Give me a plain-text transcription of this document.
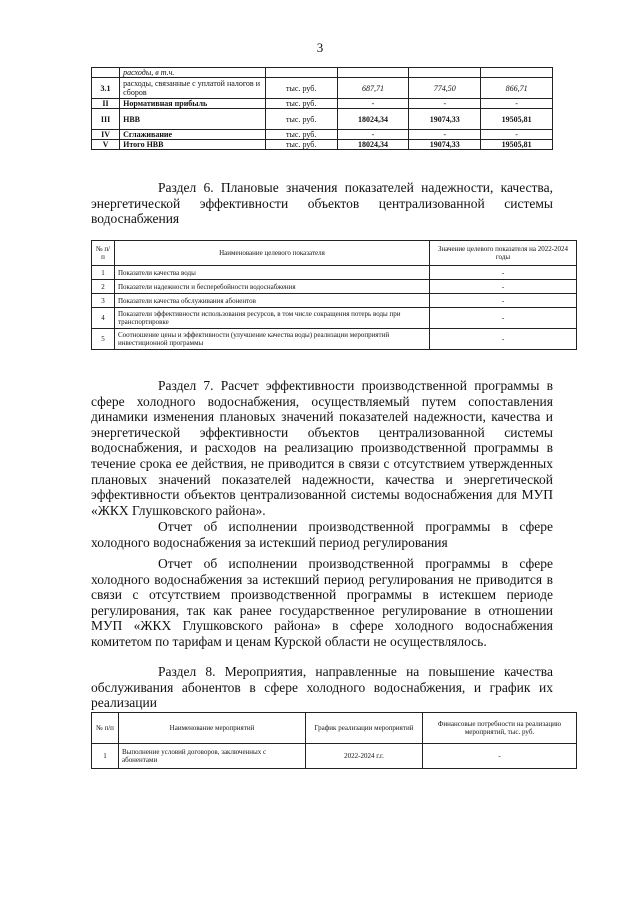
3
	расходы, в т.ч.				
3.1	расходы, связанные с уплатой налогов и сборов	тыс. руб.	687,71	774,50	866,71
II	Нормативная прибыль	тыс. руб.	-	-	-
III	НВВ	тыс. руб.	18024,34	19074,33	19505,81
IV	Сглаживание	тыс. руб.	-	-	-
V	Итого НВВ	тыс. руб.	18024,34	19074,33	19505,81
Раздел 6. Плановые значения показателей надежности, качества, энергетической эффективности объектов централизованной системы водоснабжения
№ п/п	Наименование целевого показателя	Значение целевого показателя на 2022-2024 годы
1	Показатели качества воды	-
2	Показатели надежности и бесперебойности водоснабжения	-
3	Показатели качества обслуживания абонентов	-
4	Показатели эффективности использования ресурсов, в том числе сокращения потерь воды при транспортировке	-
5	Соотношение цены и эффективности (улучшение качества воды) реализации мероприятий инвестиционной программы	-
Раздел 7. Расчет эффективности производственной программы в сфере холодного водоснабжения, осуществляемый путем сопоставления динамики изменения плановых значений показателей надежности, качества и энергетической эффективности объектов централизованной системы водоснабжения, и расходов на реализацию производственной программы в течение срока ее действия, не приводится в связи с отсутствием утвержденных плановых значений показателей надежности, качества и энергетической эффективности объектов централизованной системы водоснабжения для МУП «ЖКХ Глушковского района».
Отчет об исполнении производственной программы в сфере холодного водоснабжения за истекший период регулирования
Отчет об исполнении производственной программы в сфере холодного водоснабжения за истекший период регулирования не приводится в связи с отсутствием производственной программы в истекшем периоде регулирования, так как ранее государственное регулирование в отношении МУП «ЖКХ Глушковского района» в сфере холодного водоснабжения комитетом по тарифам и ценам Курской области не осуществлялось.
Раздел 8. Мероприятия, направленные на повышение качества обслуживания абонентов в сфере холодного водоснабжения, и график их реализации
№ п/п	Наименование мероприятий	График реализации мероприятий	Финансовые потребности на реализацию мероприятий, тыс. руб.
1	Выполнение условий договоров, заключенных с абонентами	2022-2024 г.г.	-
